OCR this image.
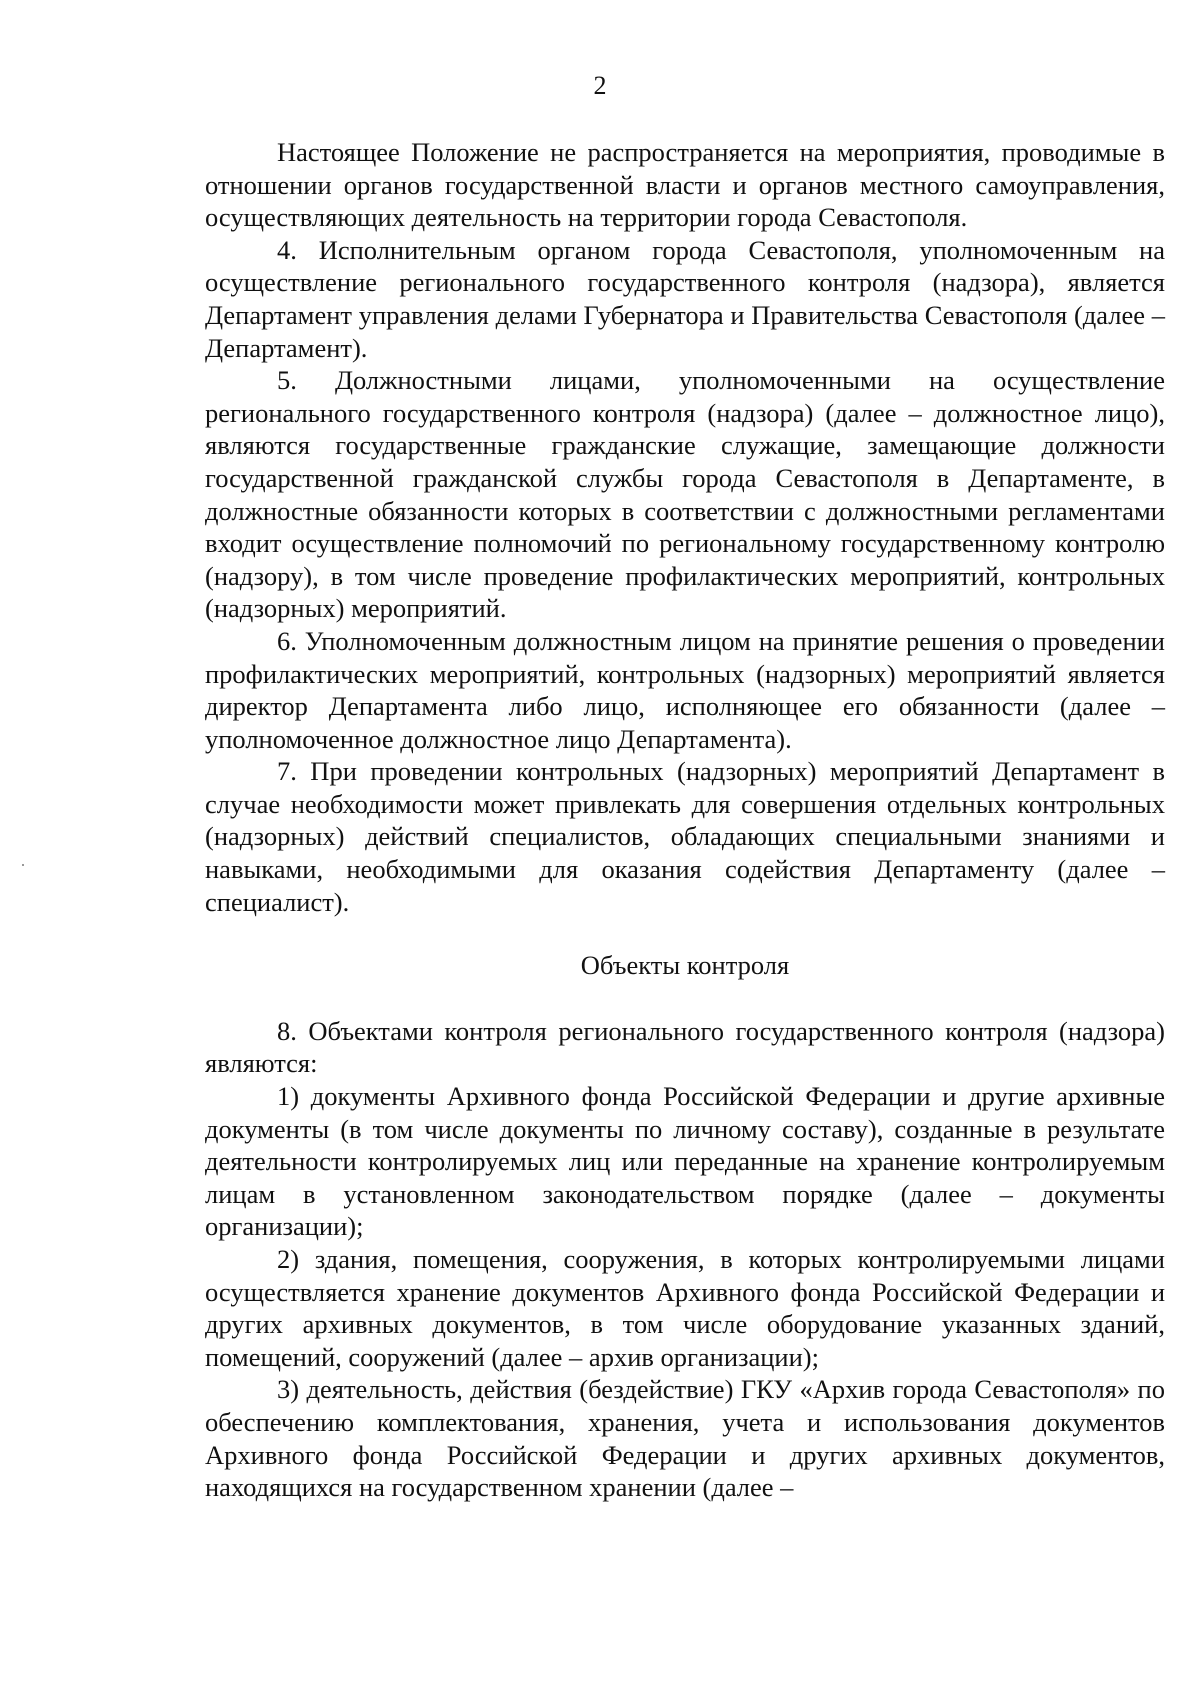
2

Настоящее Положение не распространяется на мероприятия, проводимые в отношении органов государственной власти и органов местного самоуправления, осуществляющих деятельность на территории города Севастополя.

4. Исполнительным органом города Севастополя, уполномоченным на осуществление регионального государственного контроля (надзора), является Департамент управления делами Губернатора и Правительства Севастополя (далее – Департамент).

5. Должностными лицами, уполномоченными на осуществление регионального государственного контроля (надзора) (далее – должностное лицо), являются государственные гражданские служащие, замещающие должности государственной гражданской службы города Севастополя в Департаменте, в должностные обязанности которых в соответствии с должностными регламентами входит осуществление полномочий по региональному государственному контролю (надзору), в том числе проведение профилактических мероприятий, контрольных (надзорных) мероприятий.

6. Уполномоченным должностным лицом на принятие решения о проведении профилактических мероприятий, контрольных (надзорных) мероприятий является директор Департамента либо лицо, исполняющее его обязанности (далее – уполномоченное должностное лицо Департамента).

7. При проведении контрольных (надзорных) мероприятий Департамент в случае необходимости может привлекать для совершения отдельных контрольных (надзорных) действий специалистов, обладающих специальными знаниями и навыками, необходимыми для оказания содействия Департаменту (далее – специалист).

Объекты контроля

8. Объектами контроля регионального государственного контроля (надзора) являются:

1) документы Архивного фонда Российской Федерации и другие архивные документы (в том числе документы по личному составу), созданные в результате деятельности контролируемых лиц или переданные на хранение контролируемым лицам в установленном законодательством порядке (далее – документы организации);

2) здания, помещения, сооружения, в которых контролируемыми лицами осуществляется хранение документов Архивного фонда Российской Федерации и других архивных документов, в том числе оборудование указанных зданий, помещений, сооружений (далее – архив организации);

3) деятельность, действия (бездействие) ГКУ «Архив города Севастополя» по обеспечению комплектования, хранения, учета и использования документов Архивного фонда Российской Федерации и других архивных документов, находящихся на государственном хранении (далее –
